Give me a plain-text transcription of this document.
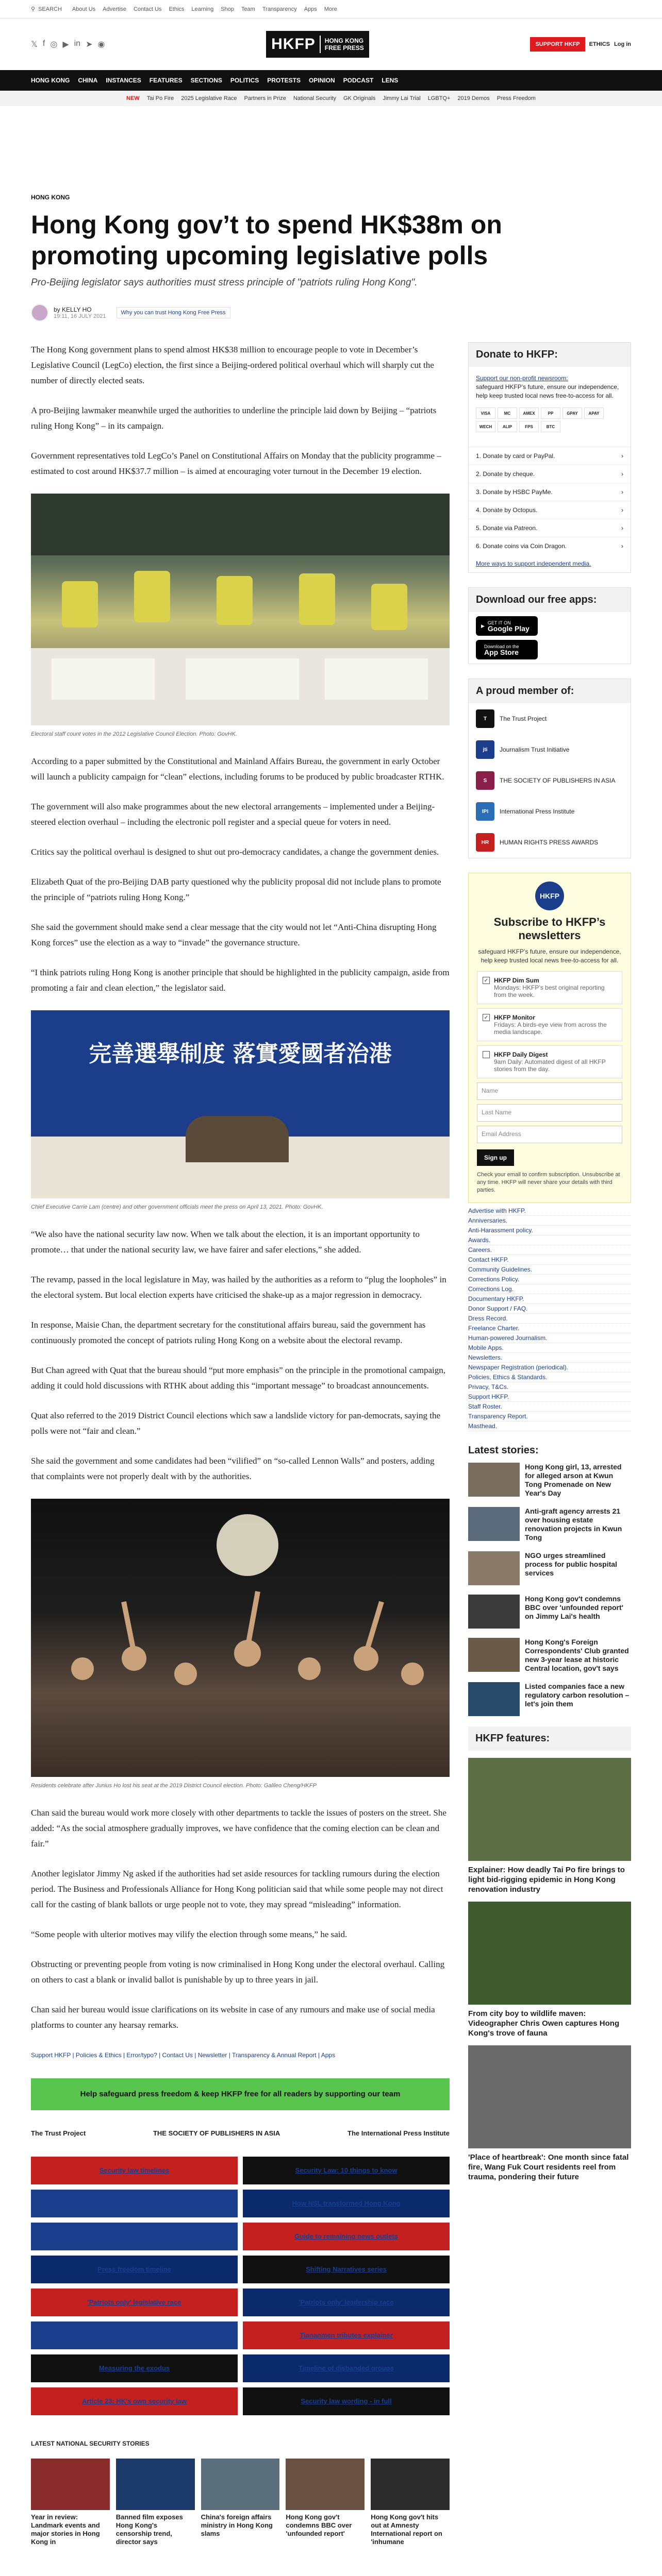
⚲ SEARCH About Us Advertise Contact Us Ethics Learning Shop Team Transparency Apps More
𝕏 f ◎ ▶ in ➤ ◉	HKFP	HONG KONG
FREE PRESS	SUPPORT HKFP	ETHICS Log in
HONG KONG CHINA INSTANCES FEATURES SECTIONS POLITICS PROTESTS OPINION PODCAST LENS
NEW Tai Po Fire 2025 Legislative Race Partners in Prize National Security GK Originals Jimmy Lai Trial LGBTQ+ 2019 Demos Press Freedom
HONG KONG
Hong Kong gov’t to spend HK$38m on promoting upcoming legislative polls
Pro-Beijing legislator says authorities must stress principle of "patriots ruling Hong Kong".
by KELLY HO
19:11, 16 JULY 2021
Why you can trust Hong Kong Free Press

The Hong Kong government plans to spend almost HK$38 million to encourage people to vote in December’s Legislative Council (LegCo) election, the first since a Beijing-ordered political overhaul which will sharply cut the number of directly elected seats.

A pro-Beijing lawmaker meanwhile urged the authorities to underline the principle laid down by Beijing – “patriots ruling Hong Kong” – in its campaign.

Government representatives told LegCo’s Panel on Constitutional Affairs on Monday that the publicity programme – estimated to cost around HK$37.7 million – is aimed at encouraging voter turnout in the December 19 election.

Electoral staff count votes in the 2012 Legislative Council Election. Photo: GovHK.

According to a paper submitted by the Constitutional and Mainland Affairs Bureau, the government in early October will launch a publicity campaign for “clean” elections, including forums to be produced by public broadcaster RTHK.

The government will also make programmes about the new electoral arrangements – implemented under a Beijing-steered election overhaul – including the electronic poll register and a special queue for voters in need.

Critics say the political overhaul is designed to shut out pro-democracy candidates, a change the government denies.

Elizabeth Quat of the pro-Beijing DAB party questioned why the publicity proposal did not include plans to promote the principle of “patriots ruling Hong Kong.”

She said the government should make send a clear message that the city would not let “Anti-China disrupting Hong Kong forces” use the election as a way to “invade” the governance structure.

“I think patriots ruling Hong Kong is another principle that should be highlighted in the publicity campaign, aside from promoting a fair and clean election,” the legislator said.

完善選舉制度 落實愛國者治港
Chief Executive Carrie Lam (centre) and other government officials meet the press on April 13, 2021. Photo: GovHK.

“We also have the national security law now. When we talk about the election, it is an important opportunity to promote… that under the national security law, we have fairer and safer elections,” she added.

The revamp, passed in the local legislature in May, was hailed by the authorities as a reform to “plug the loopholes” in the electoral system. But local election experts have criticised the shake-up as a major regression in democracy.

In response, Maisie Chan, the department secretary for the constitutional affairs bureau, said the government has continuously promoted the concept of patriots ruling Hong Kong on a website about the electoral revamp.

But Chan agreed with Quat that the bureau should “put more emphasis” on the principle in the promotional campaign, adding it could hold discussions with RTHK about adding this “important message” to broadcast announcements.

Quat also referred to the 2019 District Council elections which saw a landslide victory for pan-democrats, saying the polls were not “fair and clean.”

She said the government and some candidates had been “vilified” on “so-called Lennon Walls” and posters, adding that complaints were not properly dealt with by the authorities.

Residents celebrate after Junius Ho lost his seat at the 2019 District Council election. Photo: Galileo Cheng/HKFP

Chan said the bureau would work more closely with other departments to tackle the issues of posters on the street. She added: “As the social atmosphere gradually improves, we have confidence that the coming election can be clean and fair.”

Another legislator Jimmy Ng asked if the authorities had set aside resources for tackling rumours during the election period. The Business and Professionals Alliance for Hong Kong politician said that while some people may not direct call for the casting of blank ballots or urge people not to vote, they may spread “misleading” information.

“Some people with ulterior motives may vilify the election through some means,” he said.

Obstructing or preventing people from voting is now criminalised in Hong Kong under the electoral overhaul. Calling on others to cast a blank or invalid ballot is punishable by up to three years in jail.

Chan said her bureau would issue clarifications on its website in case of any rumours and make use of social media platforms to counter any hearsay remarks.

Support HKFP | Policies & Ethics | Error/typo? | Contact Us | Newsletter | Transparency & Annual Report | Apps
Help safeguard press freedom & keep HKFP free for all readers by supporting our team
The Trust Project	THE SOCIETY OF PUBLISHERS IN ASIA	The International Press Institute
Security law timelines	Security Law: 10 things to know
Security Law Case Index	How NSL transformed Hong Kong
New legal precedents under NSL	Guide to remaining news outlets
Press freedom timeline	Shifting Narratives series
'Patriots only' legislative race	'Patriots only' leadership race
US sanctions explained	Tiananmen tributes explainer
Measuring the exodus	Timeline of disbanded groups
Article 23: HK's own security law	Security law wording - in full
LATEST NATIONAL SECURITY STORIES
Year in review: Landmark events and major stories in Hong Kong in
Banned film exposes Hong Kong's censorship trend, director says
China's foreign affairs ministry in Hong Kong slams
Hong Kong gov't condemns BBC over 'unfounded report'
Hong Kong gov't hits out at Amnesty International report on 'inhumane
Donate to HKFP:
Support our non-profit newsroom:
safeguard HKFP’s future, ensure our independence, help keep trusted local news free-to-access for all.
VISA	MC	AMEX	PP	GPAY	APAY
WECH	ALIP	FPS	BTC
1. Donate by card or PayPal.	›
2. Donate by cheque.	›
3. Donate by HSBC PayMe.	›
4. Donate by Octopus.	›
5. Donate via Patreon.	›
6. Donate coins via Coin Dragon.	›
More ways to support independent media.
Download our free apps:
▶
GET IT ON
Google Play
Download on the
App Store
A proud member of:
T	The Trust Project
jti	Journalism Trust Initiative
S	THE SOCIETY OF PUBLISHERS IN ASIA
IPI	International Press Institute
HR	HUMAN RIGHTS PRESS AWARDS
HKFP
Subscribe to HKFP’s newsletters
safeguard HKFP’s future, ensure our independence, help keep trusted local news free-to-access for all.
✓ HKFP Dim Sum
Mondays: HKFP’s best original reporting from the week.
✓ HKFP Monitor
Fridays: A birds-eye view from across the media landscape.
HKFP Daily Digest
9am Daily: Automated digest of all HKFP stories from the day.
Name
Last Name
Email Address
Sign up
Check your email to confirm subscription. Unsubscribe at any time. HKFP will never share your details with third parties.
Advertise with HKFP.
Anniversaries.
Anti-Harassment policy.
Awards.
Careers.
Contact HKFP.
Community Guidelines.
Corrections Policy.
Corrections Log.
Documentary HKFP.
Donor Support / FAQ.
Dress Record.
Freelance Charter.
Human-powered Journalism.
Mobile Apps.
Newsletters.
Newspaper Registration (periodical).
Policies, Ethics & Standards.
Privacy, T&Cs.
Support HKFP.
Staff Roster.
Transparency Report.
Masthead.
Latest stories:
Hong Kong girl, 13, arrested for alleged arson at Kwun Tong Promenade on New Year's Day
Anti-graft agency arrests 21 over housing estate renovation projects in Kwun Tong
NGO urges streamlined process for public hospital services
Hong Kong gov't condemns BBC over 'unfounded report' on Jimmy Lai's health
Hong Kong's Foreign Correspondents' Club granted new 3-year lease at historic Central location, gov't says
Listed companies face a new regulatory carbon resolution – let's join them
HKFP features:
Explainer: How deadly Tai Po fire brings to light bid-rigging epidemic in Hong Kong renovation industry
From city boy to wildlife maven: Videographer Chris Owen captures Hong Kong's trove of fauna
'Place of heartbreak': One month since fatal fire, Wang Fuk Court residents reel from trauma, pondering their future
